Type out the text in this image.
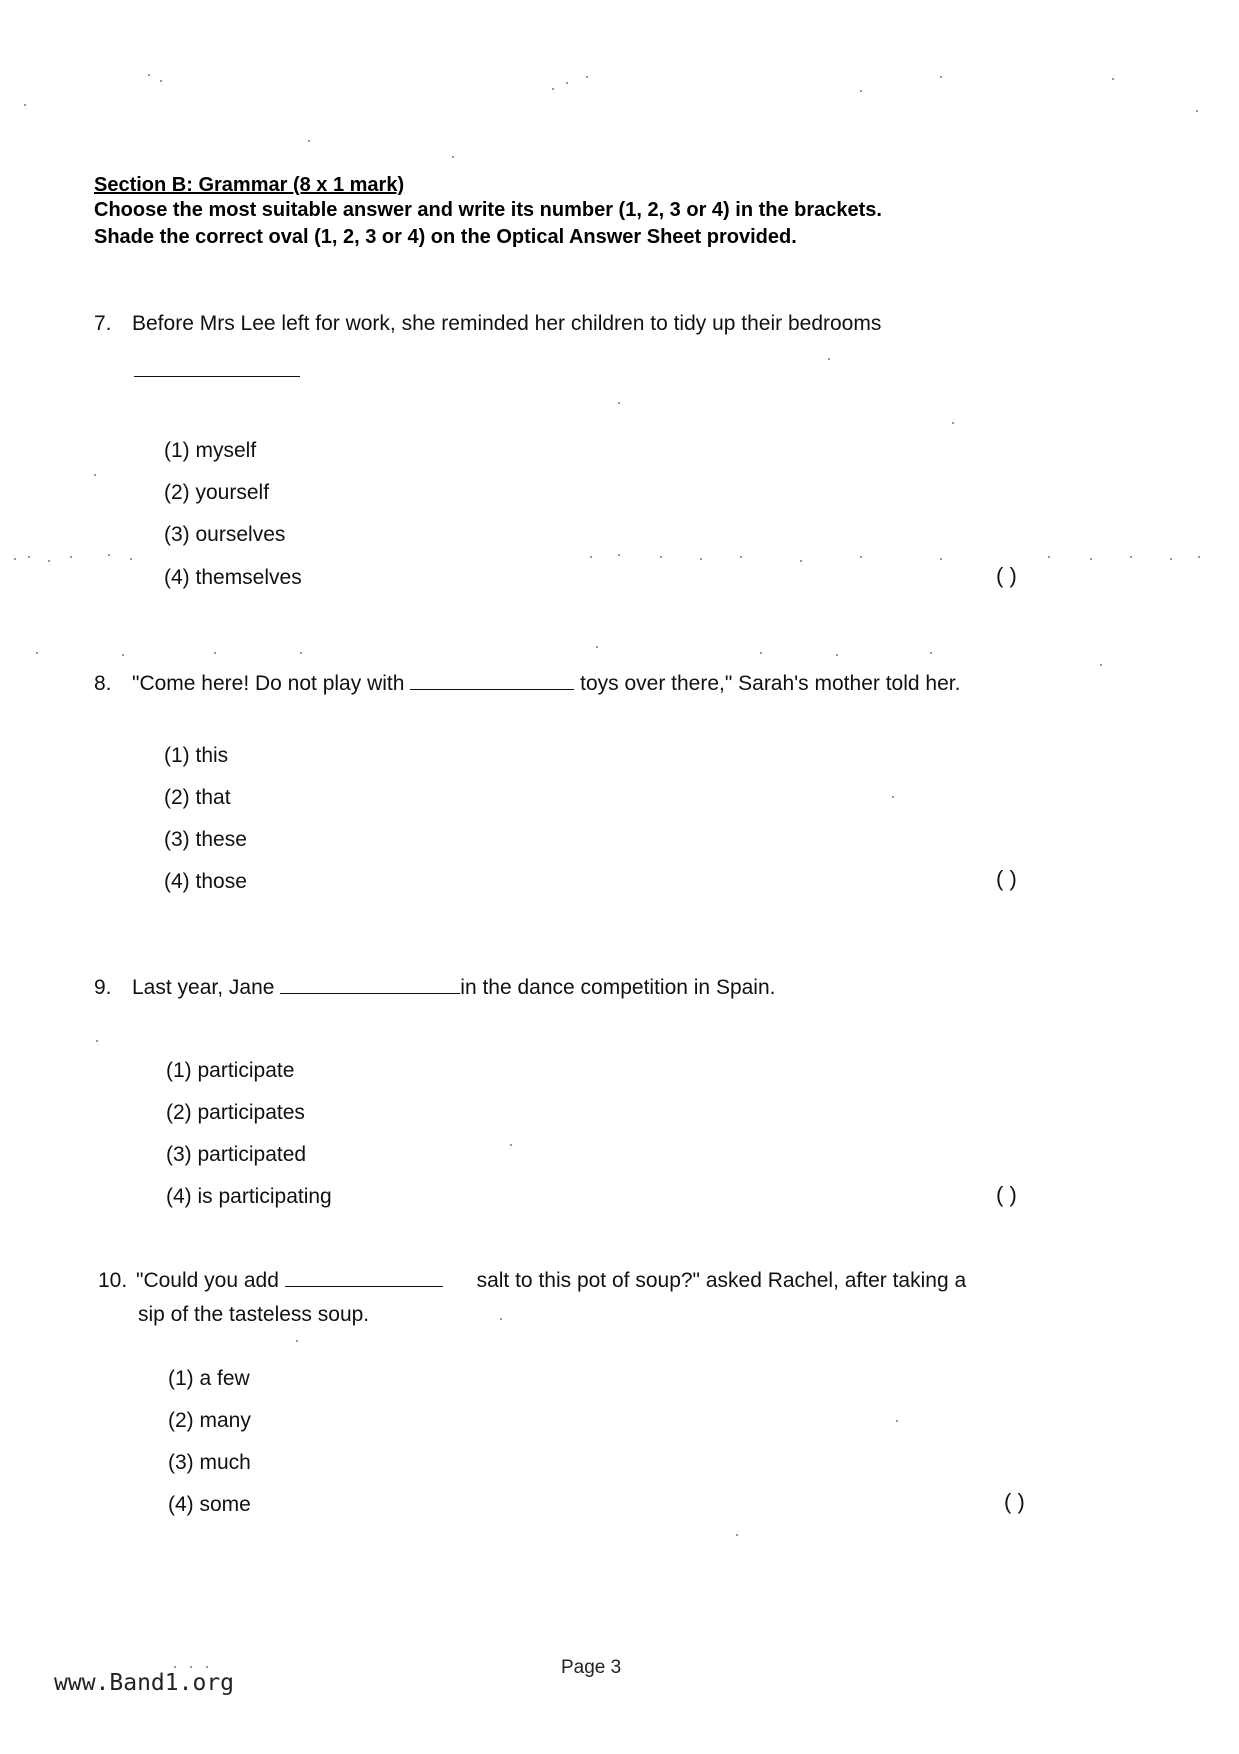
Section B: Grammar (8 x 1 mark)
Choose the most suitable answer and write its number (1, 2, 3 or 4) in the brackets.
Shade the correct oval (1, 2, 3 or 4) on the Optical Answer Sheet provided.
7. Before Mrs Lee left for work, she reminded her children to tidy up their bedrooms
(1) myself
(2) yourself
(3) ourselves
(4) themselves	( )
8. "Come here! Do not play with	toys over there," Sarah's mother told her.
(1) this
(2) that
(3) these
(4) those	( )
9. Last year, Jane	in the dance competition in Spain.
(1) participate
(2) participates
(3) participated
(4) is participating	( )
10. "Could you add	salt to this pot of soup?" asked Rachel, after taking a
sip of the tasteless soup.
(1) a few
(2) many
(3) much
(4) some	( )
Page 3
www.Band1.org
